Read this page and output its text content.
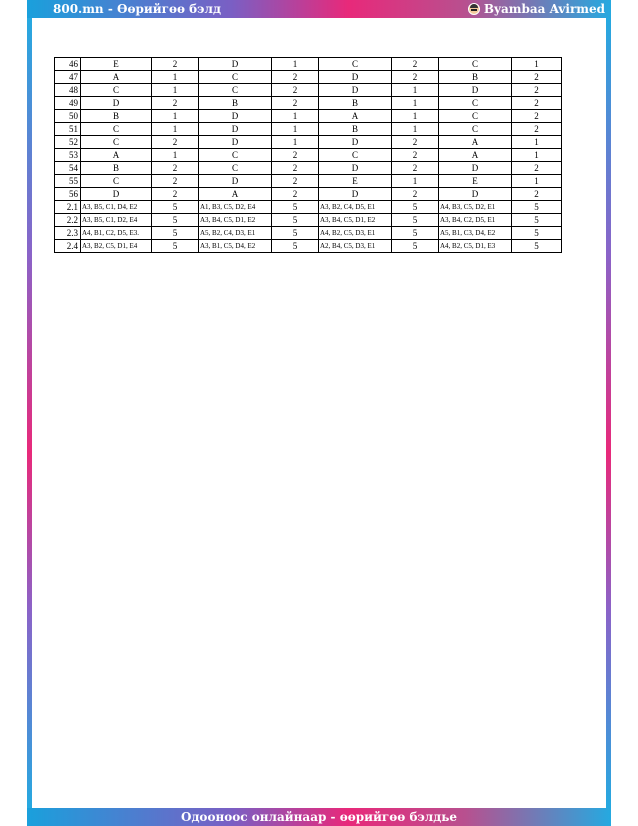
800.mn - Өөрийгөө бэлд	Byambaa Avirmed
46	E	2	D	1	C	2	C	1
47	A	1	C	2	D	2	B	2
48	C	1	C	2	D	1	D	2
49	D	2	B	2	B	1	C	2
50	B	1	D	1	A	1	C	2
51	C	1	D	1	B	1	C	2
52	C	2	D	1	D	2	A	1
53	A	1	C	2	C	2	A	1
54	B	2	C	2	D	2	D	2
55	C	2	D	2	E	1	E	1
56	D	2	A	2	D	2	D	2
2.1	A3, B5, C1, D4, E2	5	A1, B3, C5, D2, E4	5	A3, B2, C4, D5, E1	5	A4, B3, C5, D2, E1	5
2.2	A3, B5, C1, D2, E4	5	A3, B4, C5, D1, E2	5	A3, B4, C5, D1, E2	5	A3, B4, C2, D5, E1	5
2.3	A4, B1, C2, D5, E3.	5	A5, B2, C4, D3, E1	5	A4, B2, C5, D3, E1	5	A5, B1, C3, D4, E2	5
2.4	A3, B2, C5, D1, E4	5	A3, B1, C5, D4, E2	5	A2, B4, C5, D3, E1	5	A4, B2, C5, D1, E3	5
Одооноос онлайнаар - өөрийгөө бэлдье
